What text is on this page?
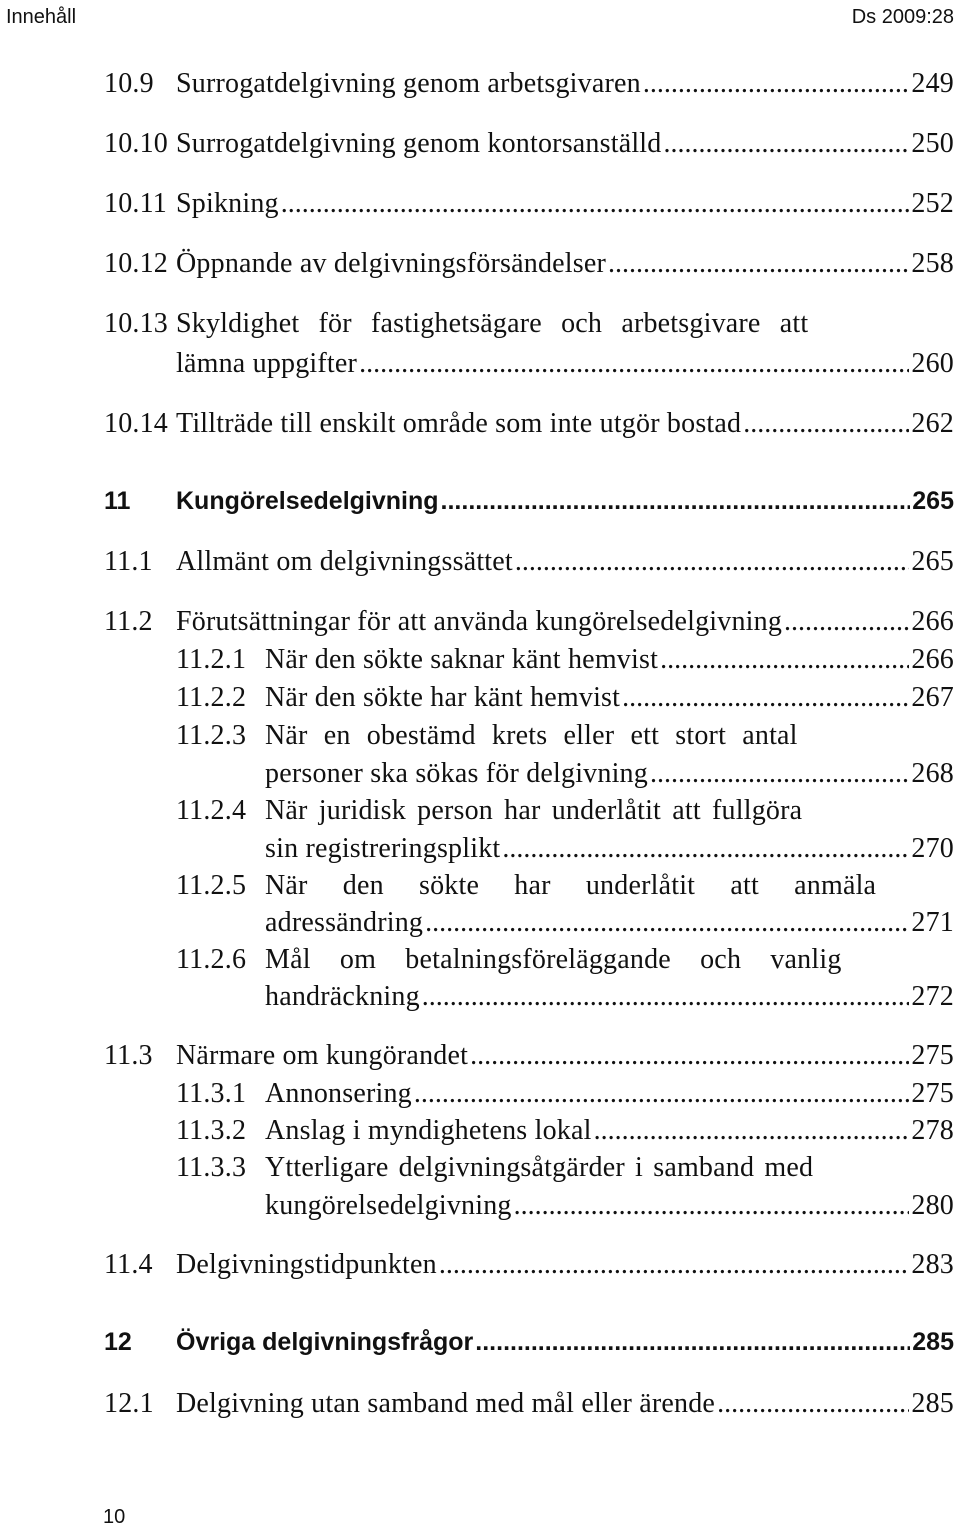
Innehåll	Ds 2009:28
10.9 Surrogatdelgivning genom arbetsgivaren .....	249
10.10 Surrogatdelgivning genom kontorsanställd .....	250
10.11 Spikning .....	252
10.12 Öppnande av delgivningsförsändelser .....	258
10.13 Skyldighet för fastighetsägare och arbetsgivare att
lämna uppgifter .....	260
10.14 Tillträde till enskilt område som inte utgör bostad .....	262
11	Kungörelsedelgivning .....	265
11.1 Allmänt om delgivningssättet .....	265
11.2 Förutsättningar för att använda kungörelsedelgivning .....	266
11.2.1 När den sökte saknar känt hemvist .....	266
11.2.2 När den sökte har känt hemvist .....	267
11.2.3 När en obestämd krets eller ett stort antal
personer ska sökas för delgivning .....	268
11.2.4 När juridisk person har underlåtit att fullgöra
sin registreringsplikt .....	270
11.2.5 När den sökte har underlåtit att anmäla
adressändring .....	271
11.2.6 Mål om betalningsföreläggande och vanlig
handräckning .....	272
11.3 Närmare om kungörandet .....	275
11.3.1 Annonsering .....	275
11.3.2 Anslag i myndighetens lokal .....	278
11.3.3 Ytterligare delgivningsåtgärder i samband med
kungörelsedelgivning .....	280
11.4 Delgivningstidpunkten .....	283
12	Övriga delgivningsfrågor .....	285
12.1 Delgivning utan samband med mål eller ärende .....	285
10
